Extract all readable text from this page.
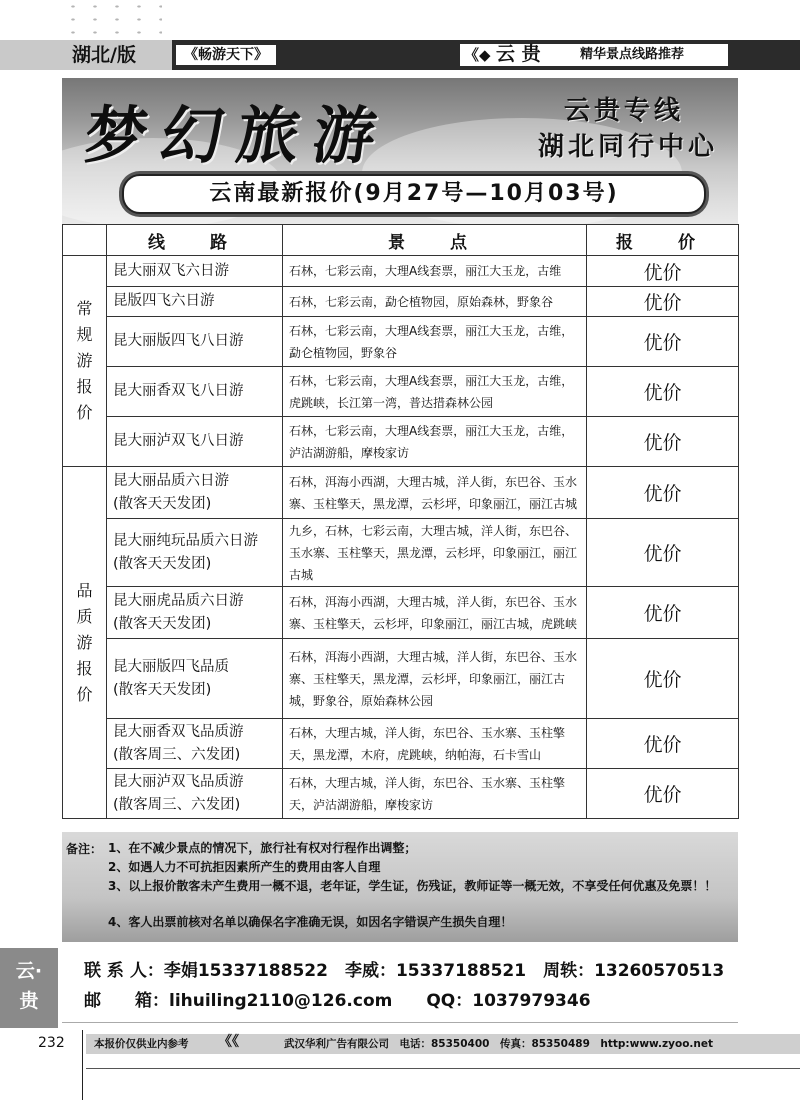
湖北/版	《畅游天下》	《◆ 云 贵	精华景点线路推荐
梦幻旅游	云贵专线
湖北同行中心
云南最新报价(9月27号—10月03号)
	线　路	景　点	报　价

常规游报价	昆大丽双飞六日游	石林，七彩云南，大理A线套票，丽江大玉龙，古维	优价

	昆版四飞六日游	石林，七彩云南，勐仑植物园，原始森林，野象谷	优价

	昆大丽版四飞八日游	石林，七彩云南，大理A线套票，丽江大玉龙，古维，勐仑植物园，野象谷	优价

	昆大丽香双飞八日游	石林，七彩云南，大理A线套票，丽江大玉龙，古维，虎跳峡，长江第一湾，普达措森林公园	优价

	昆大丽泸双飞八日游	石林，七彩云南，大理A线套票，丽江大玉龙，古维，泸沽湖游船，摩梭家访	优价

品质游报价	昆大丽品质六日游
(散客天天发团)	石林，洱海小西湖，大理古城，洋人街，东巴谷、玉水寨、玉柱擎天，黑龙潭，云杉坪，印象丽江，丽江古城	优价

	昆大丽纯玩品质六日游
(散客天天发团)	九乡，石林，七彩云南，大理古城，洋人街，东巴谷、玉水寨、玉柱擎天，黑龙潭，云杉坪，印象丽江，丽江古城	优价

	昆大丽虎品质六日游
(散客天天发团)	石林，洱海小西湖，大理古城，洋人街，东巴谷、玉水寨、玉柱擎天，云杉坪，印象丽江，丽江古城，虎跳峡	优价

	昆大丽版四飞品质
(散客天天发团)	石林，洱海小西湖，大理古城，洋人街，东巴谷、玉水寨、玉柱擎天，黑龙潭，云杉坪，印象丽江，丽江古城，野象谷，原始森林公园	优价

	昆大丽香双飞品质游
(散客周三、六发团)	石林，大理古城，洋人街，东巴谷、玉水寨、玉柱擎天，黑龙潭，木府，虎跳峡，纳帕海，石卡雪山	优价

	昆大丽泸双飞品质游
(散客周三、六发团)	石林，大理古城，洋人街，东巴谷、玉水寨、玉柱擎天，泸沽湖游船，摩梭家访	优价
备注： 1、在不减少景点的情况下，旅行社有权对行程作出调整；
2、如遇人力不可抗拒因素所产生的费用由客人自理
3、以上报价散客未产生费用一概不退，老年证，学生证，伤残证，教师证等一概无效，不享受任何优惠及免票！！
4、客人出票前核对名单以确保名字准确无误，如因名字错误产生损失自理！
联 系 人：李娟15337188522　李威：15337188521　周轶：13260570513
邮　　箱：lihuiling2110@126.com　　QQ：1037979346
云·
贵
232	本报价仅供业内参考 《《	武汉华利广告有限公司　电话：85350400　传真：85350489　http:www.zyoo.net
